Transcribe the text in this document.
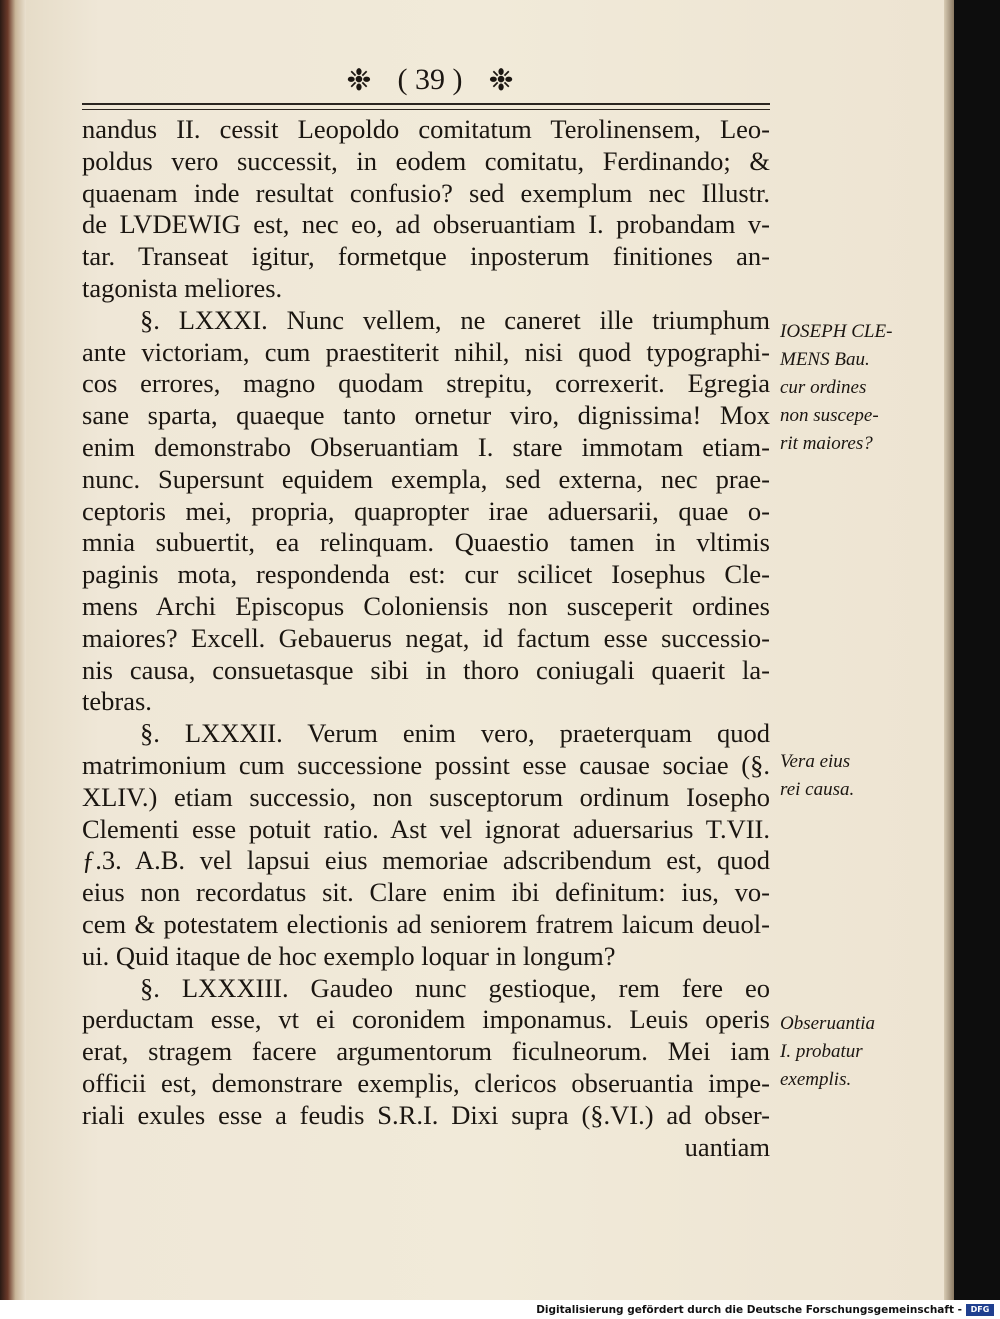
❉ ( 39 ) ❉
nandus II. cessit Leopoldo comitatum Terolinensem, Leo-
poldus vero successit, in eodem comitatu, Ferdinando; &
quaenam inde resultat confusio? sed exemplum nec Illustr.
de LVDEWIG est, nec eo, ad obseruantiam I. probandam v-
tar. Transeat igitur, formetque inposterum finitiones an-
tagonista meliores.
§. LXXXI. Nunc vellem, ne caneret ille triumphum
ante victoriam, cum praestiterit nihil, nisi quod typographi-
cos errores, magno quodam strepitu, correxerit. Egregia
sane sparta, quaeque tanto ornetur viro, dignissima! Mox
enim demonstrabo Obseruantiam I. stare immotam etiam-
nunc. Supersunt equidem exempla, sed externa, nec prae-
ceptoris mei, propria, quapropter irae aduersarii, quae o-
mnia subuertit, ea relinquam. Quaestio tamen in vltimis
paginis mota, respondenda est: cur scilicet Iosephus Cle-
mens Archi Episcopus Coloniensis non susceperit ordines
maiores? Excell. Gebauerus negat, id factum esse successio-
nis causa, consuetasque sibi in thoro coniugali quaerit la-
tebras.
§. LXXXII. Verum enim vero, praeterquam quod
matrimonium cum successione possint esse causae sociae (§.
XLIV.) etiam successio, non susceptorum ordinum Iosepho
Clementi esse potuit ratio. Ast vel ignorat aduersarius T.VII.
ƒ.3. A.B. vel lapsui eius memoriae adscribendum est, quod
eius non recordatus sit. Clare enim ibi definitum: ius, vo-
cem & potestatem electionis ad seniorem fratrem laicum deuol-
ui. Quid itaque de hoc exemplo loquar in longum?
§. LXXXIII. Gaudeo nunc gestioque, rem fere eo
perductam esse, vt ei coronidem imponamus. Leuis operis
erat, stragem facere argumentorum ficulneorum. Mei iam
officii est, demonstrare exemplis, clericos obseruantia impe-
riali exules esse a feudis S.R.I. Dixi supra (§.VI.) ad obser-
uantiam
IOSEPH CLE-
MENS Bau.
cur ordines
non suscepe-
rit maiores?
Vera eius
rei causa.
Obseruantia
I. probatur
exemplis.
Digitalisierung gefördert durch die Deutsche Forschungsgemeinschaft -	DFG
